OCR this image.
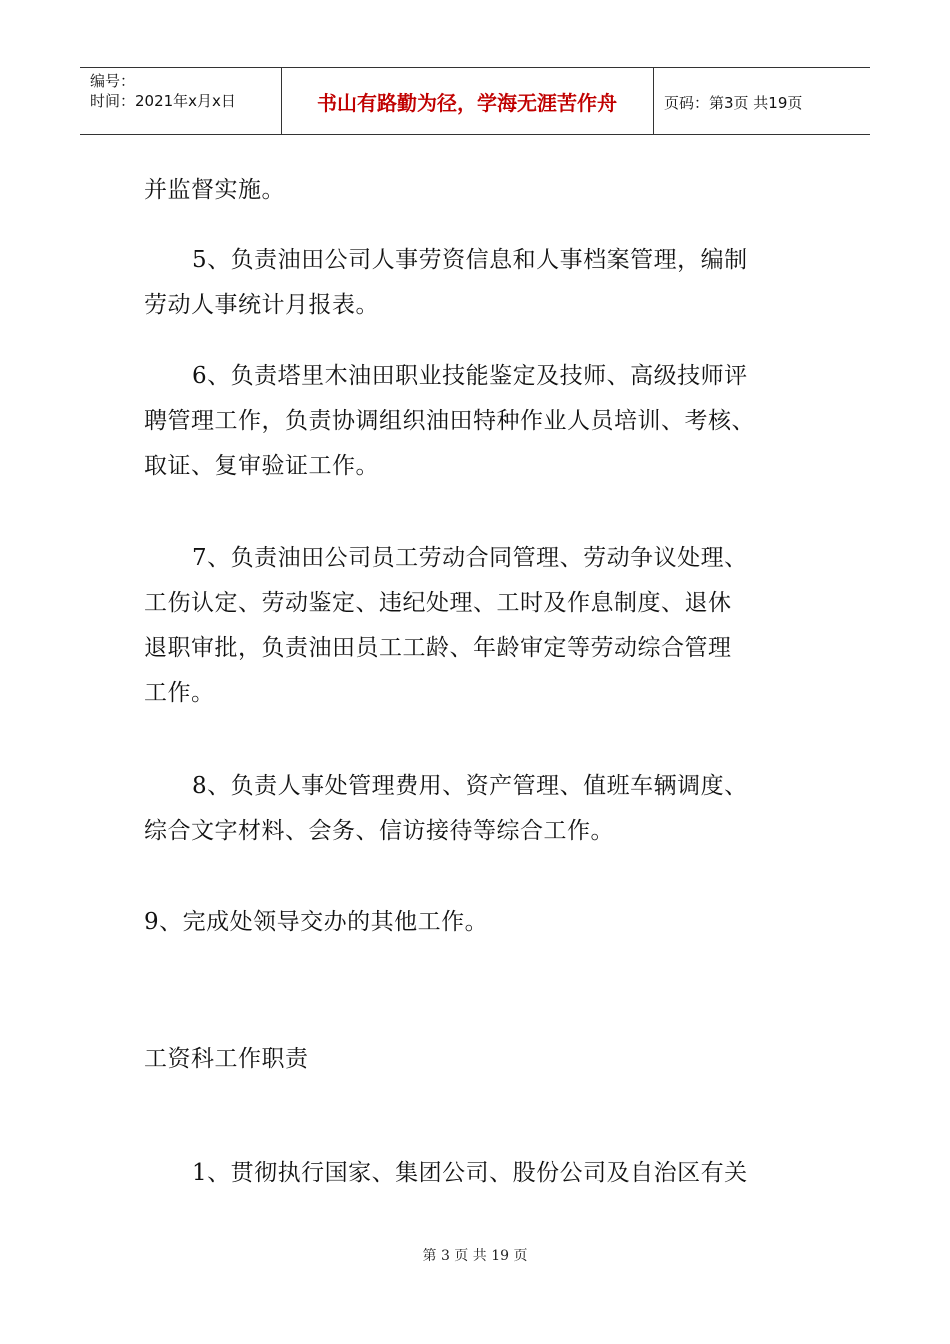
编号：
时间：2021年x月x日	书山有路勤为径，学海无涯苦作舟	页码：第3页 共19页
并监督实施。
5、负责油田公司人事劳资信息和人事档案管理，编制
劳动人事统计月报表。
6、负责塔里木油田职业技能鉴定及技师、高级技师评
聘管理工作，负责协调组织油田特种作业人员培训、考核、
取证、复审验证工作。
7、负责油田公司员工劳动合同管理、劳动争议处理、
工伤认定、劳动鉴定、违纪处理、工时及作息制度、退休
退职审批，负责油田员工工龄、年龄审定等劳动综合管理
工作。
8、负责人事处管理费用、资产管理、值班车辆调度、
综合文字材料、会务、信访接待等综合工作。
9、完成处领导交办的其他工作。
工资科工作职责
1、贯彻执行国家、集团公司、股份公司及自治区有关
第 3 页 共 19 页
